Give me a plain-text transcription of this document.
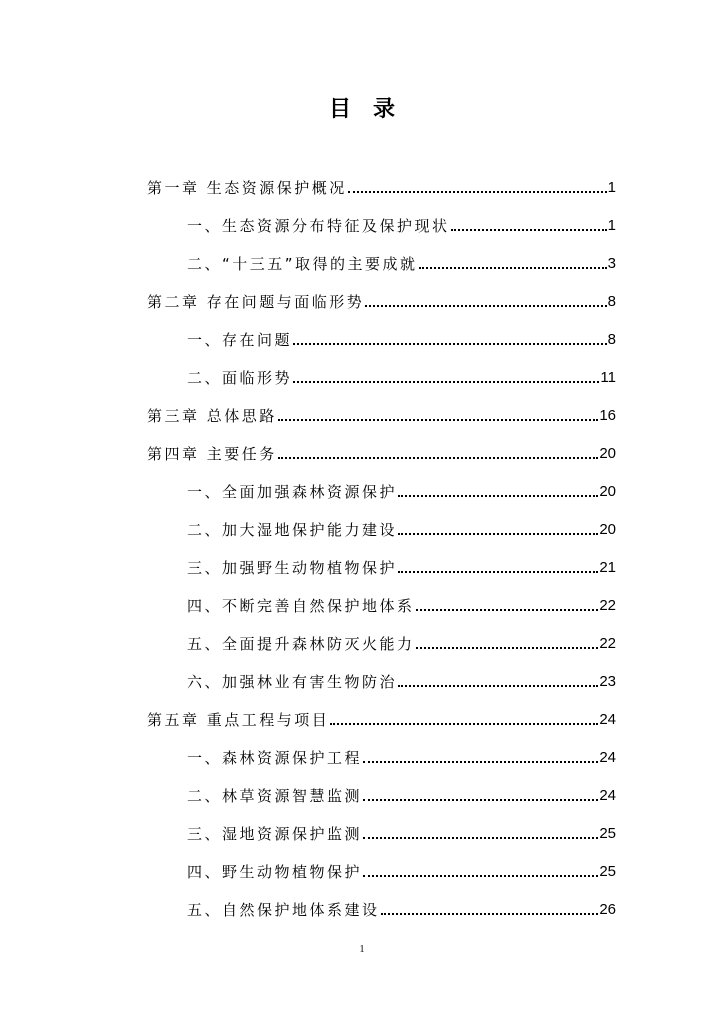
目 录
第一章 生态资源保护概况	1
一、生态资源分布特征及保护现状	1
二、“十三五”取得的主要成就	3
第二章 存在问题与面临形势	8
一、存在问题	8
二、面临形势	11
第三章 总体思路	16
第四章 主要任务	20
一、全面加强森林资源保护	20
二、加大湿地保护能力建设	20
三、加强野生动物植物保护	21
四、不断完善自然保护地体系	22
五、全面提升森林防灭火能力	22
六、加强林业有害生物防治	23
第五章 重点工程与项目	24
一、森林资源保护工程	24
二、林草资源智慧监测	24
三、湿地资源保护监测	25
四、野生动物植物保护	25
五、自然保护地体系建设	26
1
